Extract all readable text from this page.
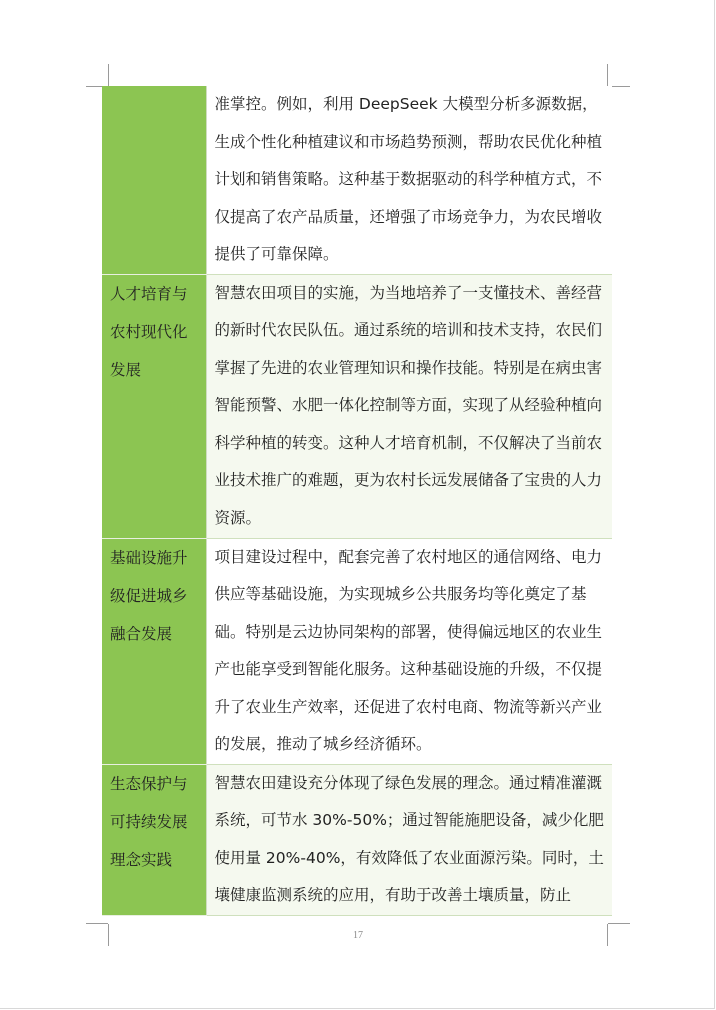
	准掌控。例如，利用 DeepSeek 大模型分析多源数据，生成个性化种植建议和市场趋势预测，帮助农民优化种植计划和销售策略。这种基于数据驱动的科学种植方式，不仅提高了农产品质量，还增强了市场竞争力，为农民增收提供了可靠保障。

人才培育与农村现代化发展	智慧农田项目的实施，为当地培养了一支懂技术、善经营的新时代农民队伍。通过系统的培训和技术支持，农民们掌握了先进的农业管理知识和操作技能。特别是在病虫害智能预警、水肥一体化控制等方面，实现了从经验种植向科学种植的转变。这种人才培育机制，不仅解决了当前农业技术推广的难题，更为农村长远发展储备了宝贵的人力资源。

基础设施升级促进城乡融合发展	项目建设过程中，配套完善了农村地区的通信网络、电力供应等基础设施，为实现城乡公共服务均等化奠定了基础。特别是云边协同架构的部署，使得偏远地区的农业生产也能享受到智能化服务。这种基础设施的升级，不仅提升了农业生产效率，还促进了农村电商、物流等新兴产业的发展，推动了城乡经济循环。

生态保护与可持续发展理念实践	智慧农田建设充分体现了绿色发展的理念。通过精准灌溉系统，可节水 30%-50%；通过智能施肥设备，减少化肥使用量 20%-40%，有效降低了农业面源污染。同时，土壤健康监测系统的应用，有助于改善土壤质量，防止
17
